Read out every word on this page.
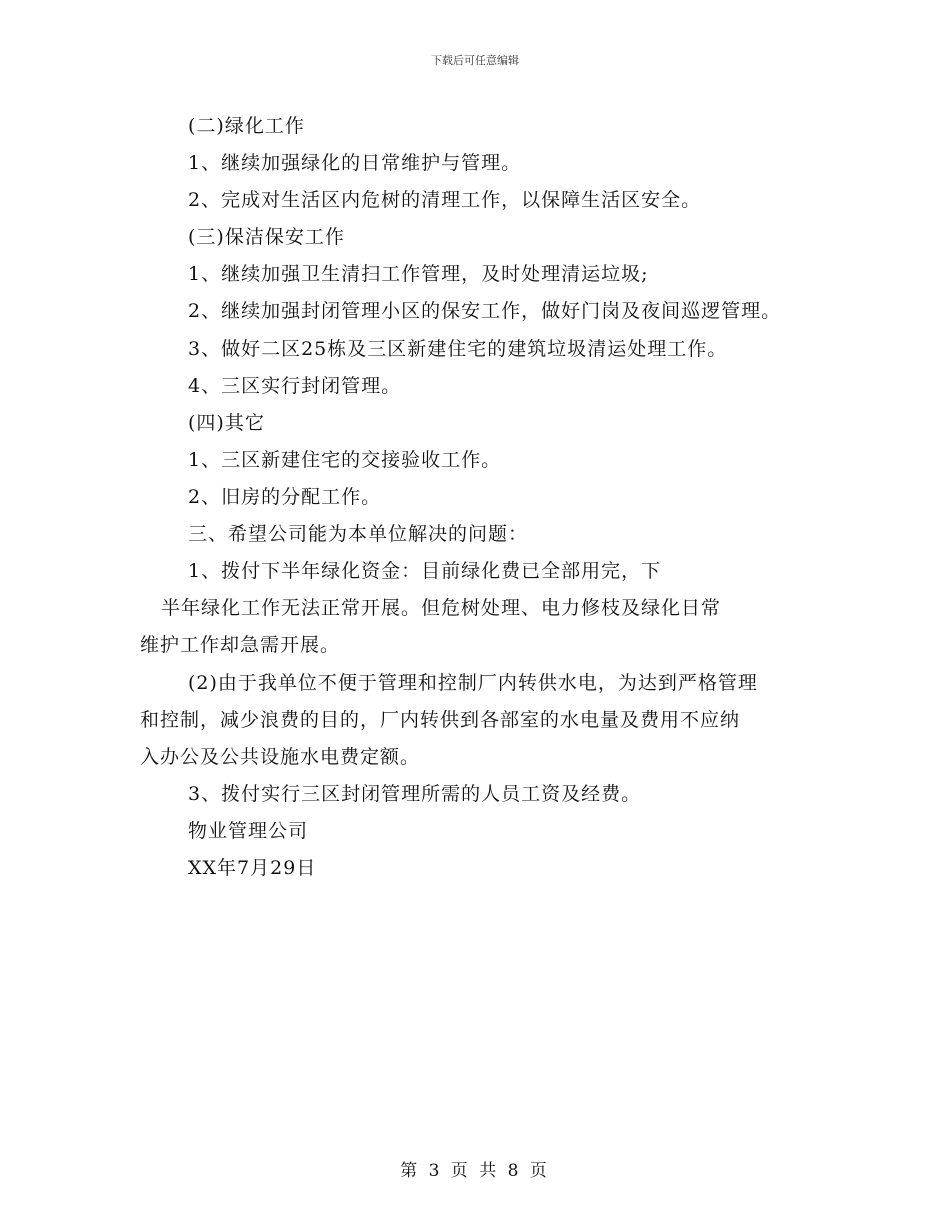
下载后可任意编辑
(二)绿化工作
1、继续加强绿化的日常维护与管理。
2、完成对生活区内危树的清理工作，以保障生活区安全。
(三)保洁保安工作
1、继续加强卫生清扫工作管理，及时处理清运垃圾;
2、继续加强封闭管理小区的保安工作，做好门岗及夜间巡逻管理。
3、做好二区25栋及三区新建住宅的建筑垃圾清运处理工作。
4、三区实行封闭管理。
(四)其它
1、三区新建住宅的交接验收工作。
2、旧房的分配工作。
三、希望公司能为本单位解决的问题：
1、拨付下半年绿化资金：目前绿化费已全部用完，下
半年绿化工作无法正常开展。但危树处理、电力修枝及绿化日常
维护工作却急需开展。
(2)由于我单位不便于管理和控制厂内转供水电，为达到严格管理
和控制，减少浪费的目的，厂内转供到各部室的水电量及费用不应纳
入办公及公共设施水电费定额。
3、拨付实行三区封闭管理所需的人员工资及经费。
物业管理公司
XX年7月29日
第 3 页 共 8 页
